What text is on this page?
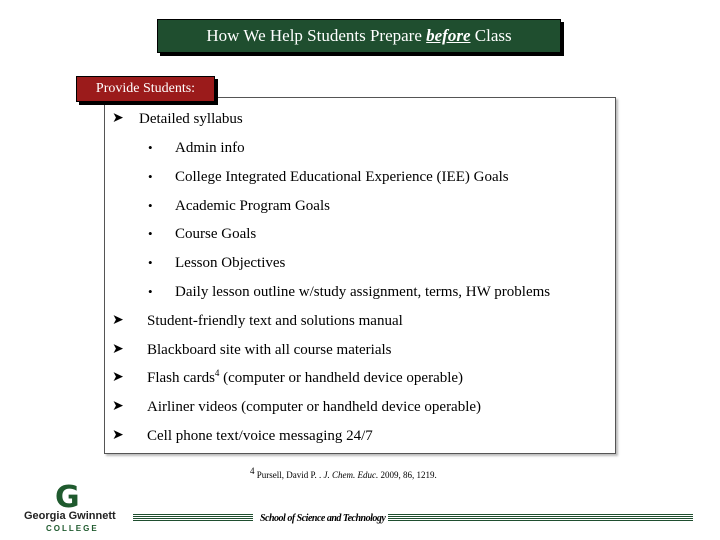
How We Help Students Prepare before Class
Provide Students:
➤ Detailed syllabus
• Admin info
• College Integrated Educational Experience (IEE) Goals
• Academic Program Goals
• Course Goals
• Lesson Objectives
• Daily lesson outline w/study assignment, terms, HW problems
➤ Student-friendly text and solutions manual
➤ Blackboard site with all course materials
➤ Flash cards$^4$ (computer or handheld device operable)
➤ Airliner videos (computer or handheld device operable)
➤ Cell phone text/voice messaging 24/7
$^4$ Pursell, David P. . J. Chem. Educ. 2009, 86, 1219.
G
Georgia Gwinnett
COLLEGE
School of Science and Technology
